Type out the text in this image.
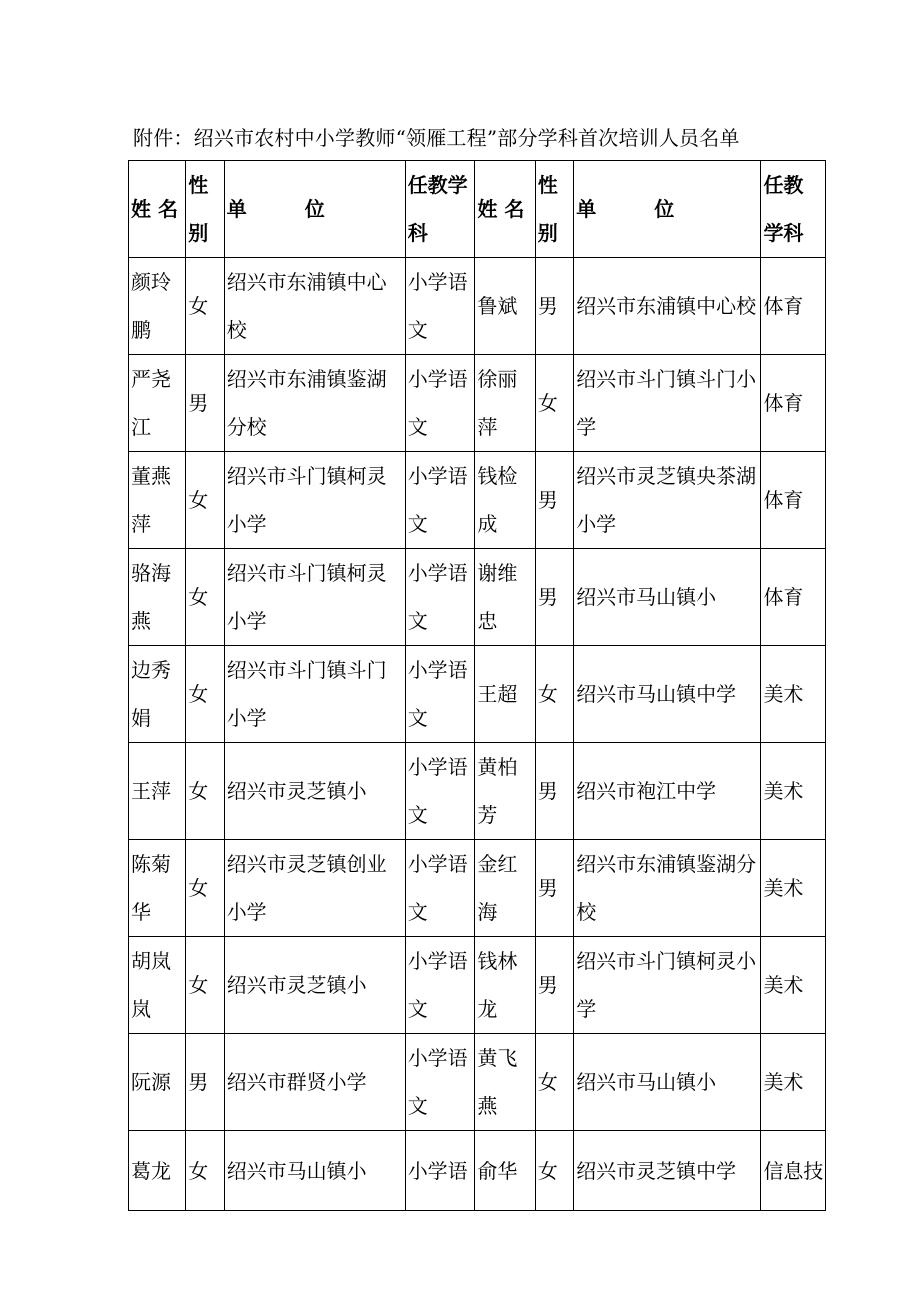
附件：绍兴市农村中小学教师“领雁工程”部分学科首次培训人员名单
姓 名	性别	单 位	任教学科	姓 名	性别	单 位	任教学科
颜玲鹏	女	绍兴市东浦镇中心校	小学语文	鲁斌	男	绍兴市东浦镇中心校	体育
严尧江	男	绍兴市东浦镇鉴湖分校	小学语文	徐丽萍	女	绍兴市斗门镇斗门小学	体育
董燕萍	女	绍兴市斗门镇柯灵小学	小学语文	钱检成	男	绍兴市灵芝镇央茶湖小学	体育
骆海燕	女	绍兴市斗门镇柯灵小学	小学语文	谢维忠	男	绍兴市马山镇小	体育
边秀娟	女	绍兴市斗门镇斗门小学	小学语文	王超	女	绍兴市马山镇中学	美术
王萍	女	绍兴市灵芝镇小	小学语文	黄柏芳	男	绍兴市袍江中学	美术
陈菊华	女	绍兴市灵芝镇创业小学	小学语文	金红海	男	绍兴市东浦镇鉴湖分校	美术
胡岚岚	女	绍兴市灵芝镇小	小学语文	钱林龙	男	绍兴市斗门镇柯灵小学	美术
阮源	男	绍兴市群贤小学	小学语文	黄飞燕	女	绍兴市马山镇小	美术
葛龙	女	绍兴市马山镇小	小学语	俞华	女	绍兴市灵芝镇中学	信息技
